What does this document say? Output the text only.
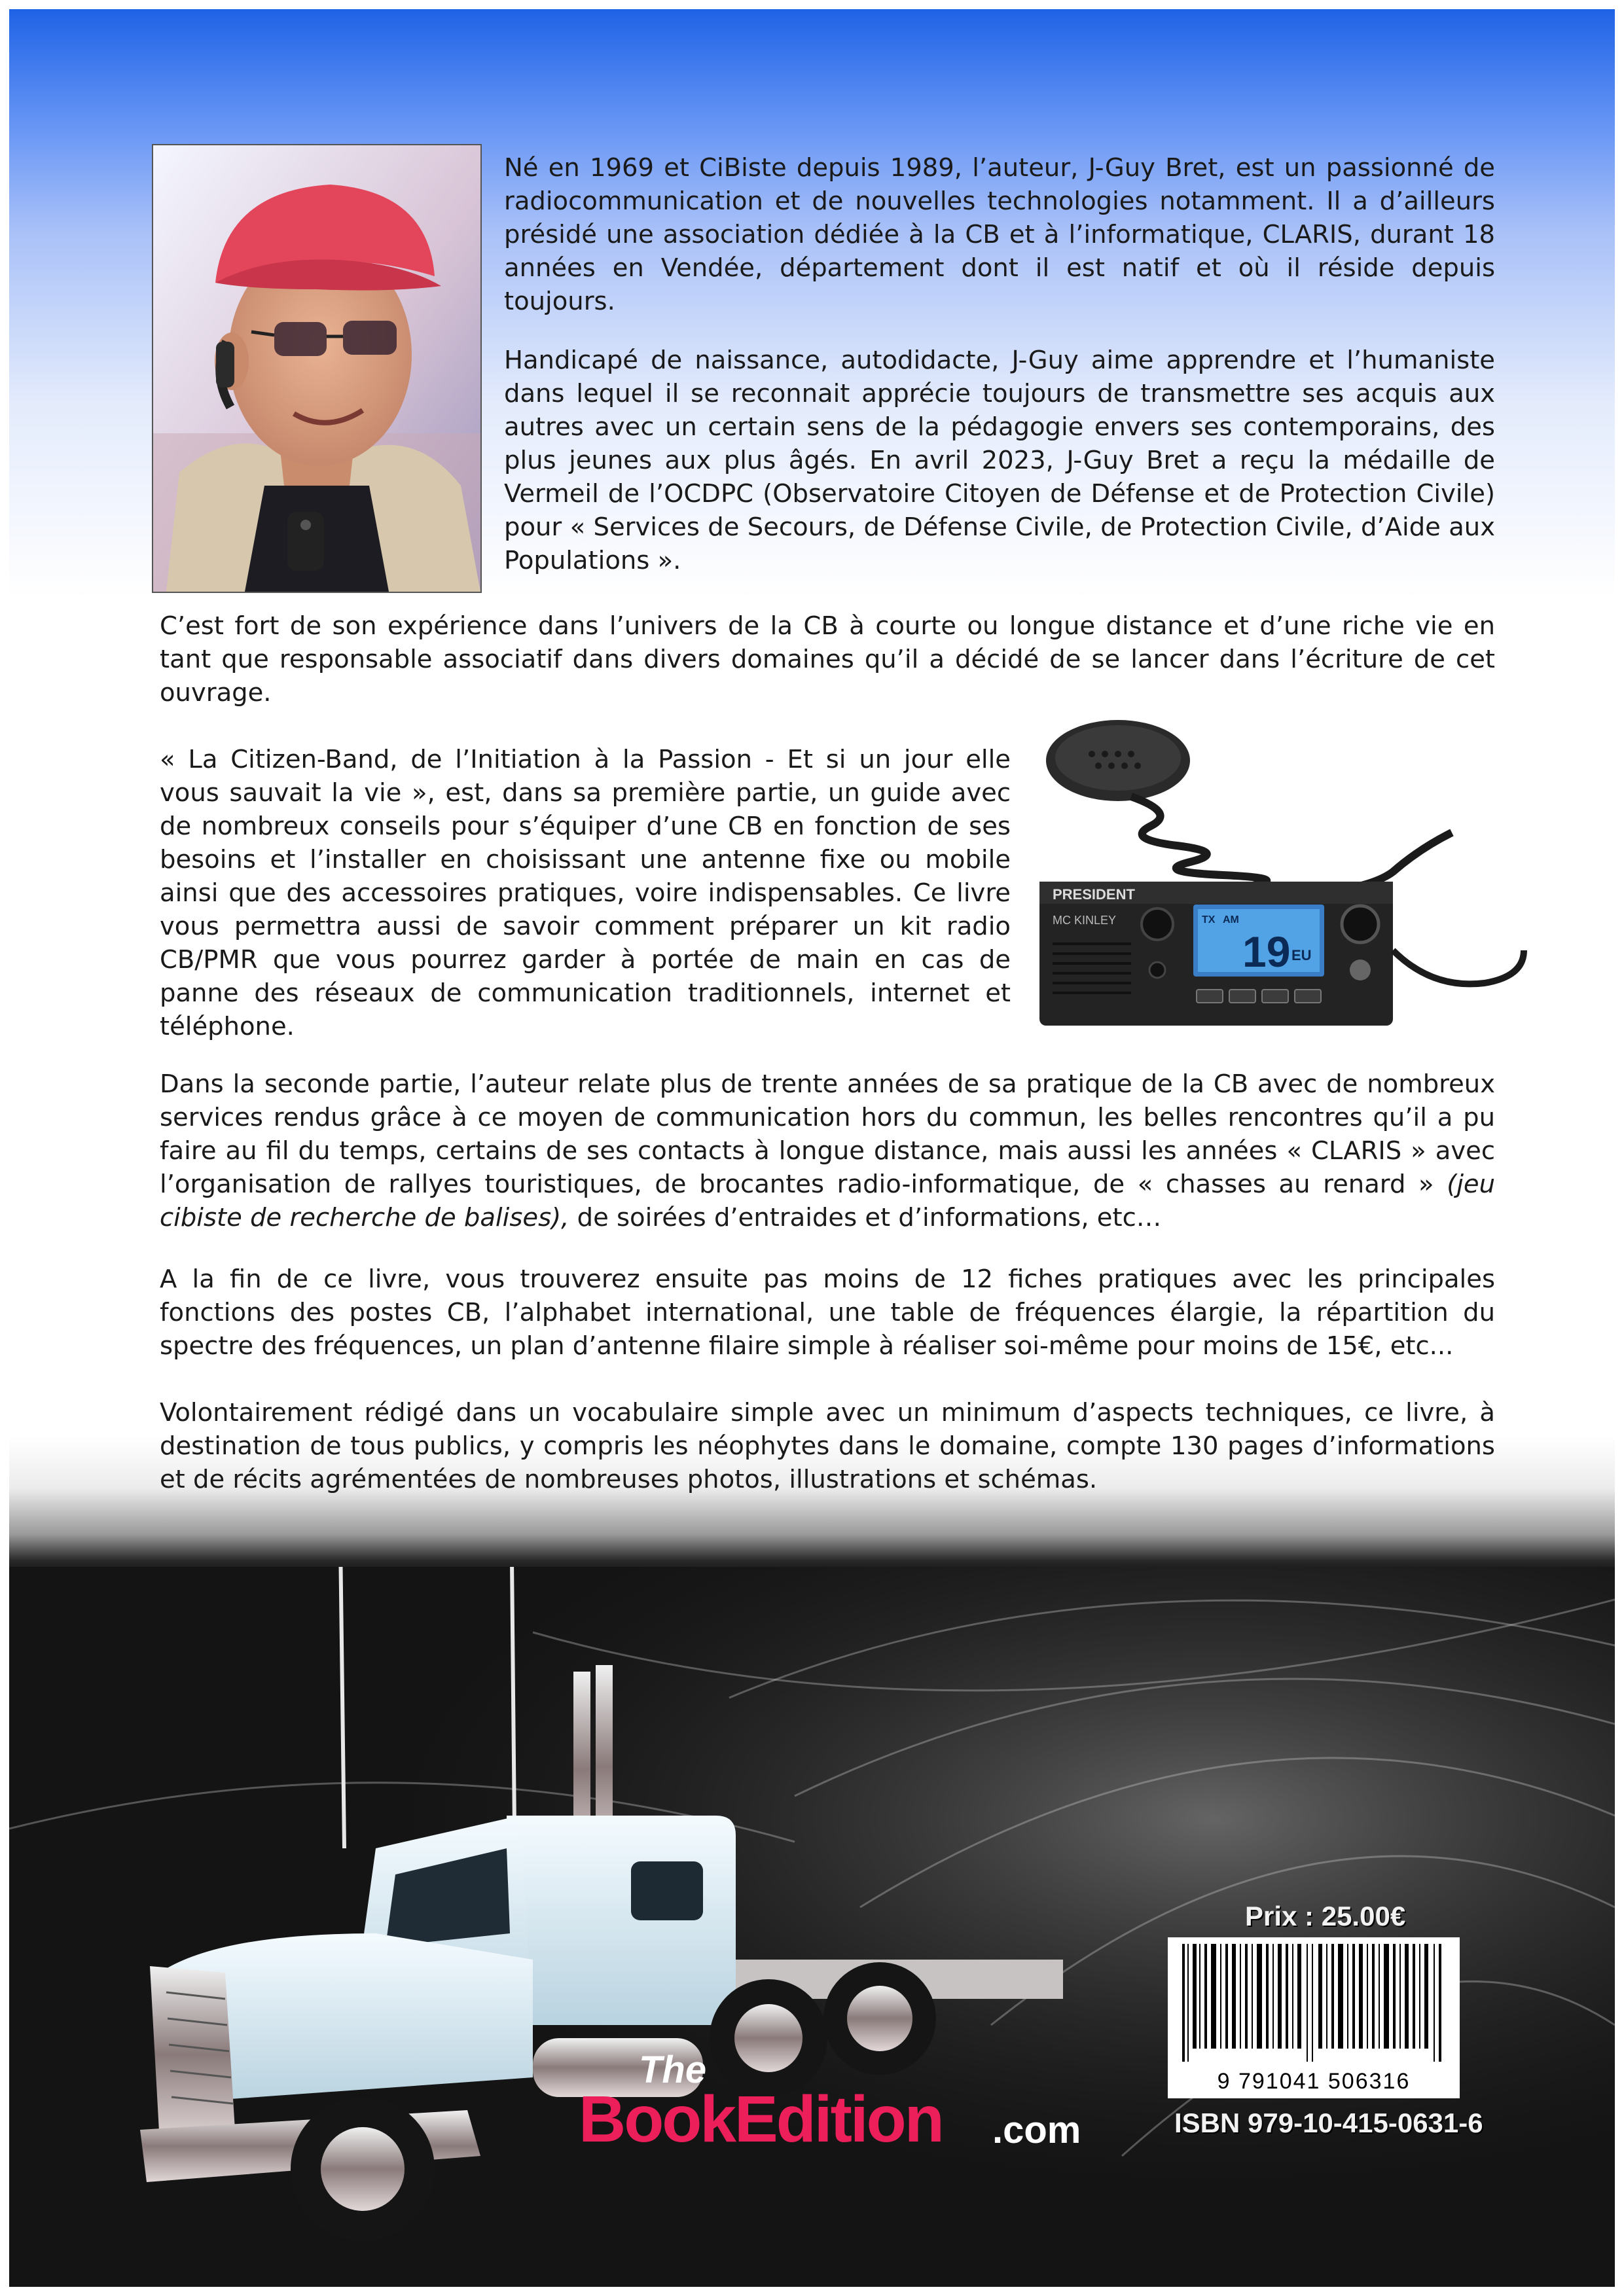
Né en 1969 et CiBiste depuis 1989, l’auteur, J-Guy Bret, est un passionné de radiocommunication et de nouvelles technologies notamment. Il a d’ailleurs présidé une association dédiée à la CB et à l’informatique, CLARIS, durant 18 années en Vendée, département dont il est natif et où il réside depuis toujours.

Handicapé de naissance, autodidacte, J-Guy aime apprendre et l’humaniste dans lequel il se reconnait apprécie toujours de transmettre ses acquis aux autres avec un certain sens de la pédagogie envers ses contemporains, des plus jeunes aux plus âgés. En avril 2023, J-Guy Bret a reçu la médaille de Vermeil de l’OCDPC (Observatoire Citoyen de Défense et de Protection Civile) pour « Services de Secours, de Défense Civile, de Protection Civile, d’Aide aux Populations ».

C’est fort de son expérience dans l’univers de la CB à courte ou longue distance et d’une riche vie en tant que responsable associatif dans divers domaines qu’il a décidé de se lancer dans l’écriture de cet ouvrage.

« La Citizen-Band, de l’Initiation à la Passion - Et si un jour elle vous sauvait la vie », est, dans sa première partie, un guide avec de nombreux conseils pour s’équiper d’une CB en fonction de ses besoins et l’installer en choisissant une antenne fixe ou mobile ainsi que des accessoires pratiques, voire indispensables. Ce livre vous permettra aussi de savoir comment préparer un kit radio CB/PMR que vous pourrez garder à portée de main en cas de panne des réseaux de communication traditionnels, internet et téléphone.

Dans la seconde partie, l’auteur relate plus de trente années de sa pratique de la CB avec de nombreux services rendus grâce à ce moyen de communication hors du commun, les belles rencontres qu’il a pu faire au fil du temps, certains de ses contacts à longue distance, mais aussi les années « CLARIS » avec l’organisation de rallyes touristiques, de brocantes radio-informatique, de « chasses au renard » (jeu cibiste de recherche de balises), de soirées d’entraides et d’informations, etc…

A la fin de ce livre, vous trouverez ensuite pas moins de 12 fiches pratiques avec les principales fonctions des postes CB, l’alphabet international, une table de fréquences élargie, la répartition du spectre des fréquences, un plan d’antenne filaire simple à réaliser soi-même pour moins de 15€, etc...

Volontairement rédigé dans un vocabulaire simple avec un minimum d’aspects techniques, ce livre, à destination de tous publics, y compris les néophytes dans le domaine, compte 130 pages d’informations et de récits agrémentées de nombreuses photos, illustrations et schémas.

PRESIDENT
MC KINLEY	TX AM
19 EU
Prix : 25.00€
9 791041 506316
ISBN 979-10-415-0631-6
The
BookEdition .com
